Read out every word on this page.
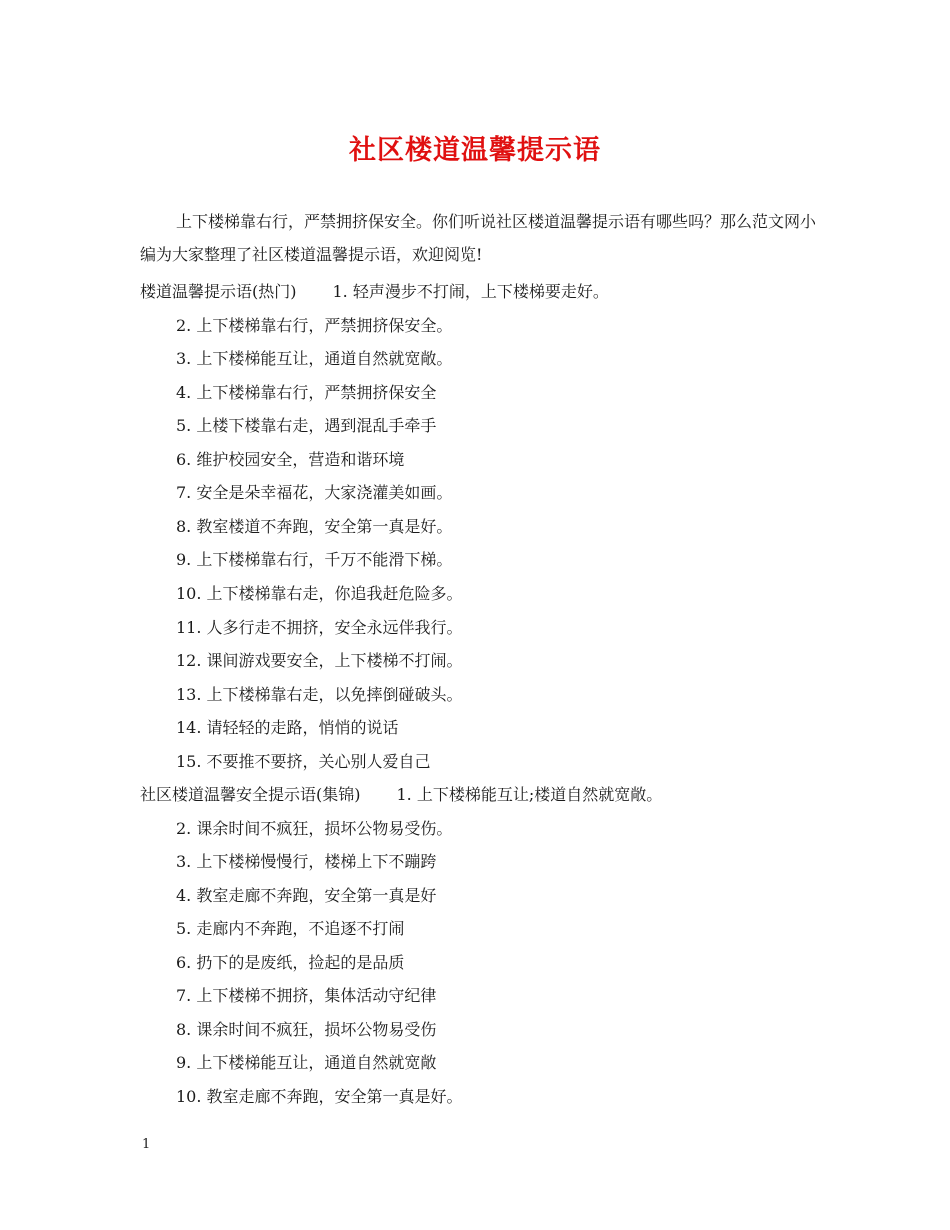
社区楼道温馨提示语
上下楼梯靠右行，严禁拥挤保安全。你们听说社区楼道温馨提示语有哪些吗？那么范文网小编为大家整理了社区楼道温馨提示语，欢迎阅览!
楼道温馨提示语(热门) 1. 轻声漫步不打闹，上下楼梯要走好。
2. 上下楼梯靠右行，严禁拥挤保安全。
3. 上下楼梯能互让，通道自然就宽敞。
4. 上下楼梯靠右行，严禁拥挤保安全
5. 上楼下楼靠右走，遇到混乱手牵手
6. 维护校园安全，营造和谐环境
7. 安全是朵幸福花，大家浇灌美如画。
8. 教室楼道不奔跑，安全第一真是好。
9. 上下楼梯靠右行，千万不能滑下梯。
10. 上下楼梯靠右走，你追我赶危险多。
11. 人多行走不拥挤，安全永远伴我行。
12. 课间游戏要安全，上下楼梯不打闹。
13. 上下楼梯靠右走，以免摔倒碰破头。
14. 请轻轻的走路，悄悄的说话
15. 不要推不要挤，关心别人爱自己
社区楼道温馨安全提示语(集锦) 1. 上下楼梯能互让;楼道自然就宽敞。
2. 课余时间不疯狂，损坏公物易受伤。
3. 上下楼梯慢慢行，楼梯上下不蹦跨
4. 教室走廊不奔跑，安全第一真是好
5. 走廊内不奔跑，不追逐不打闹
6. 扔下的是废纸，捡起的是品质
7. 上下楼梯不拥挤，集体活动守纪律
8. 课余时间不疯狂，损坏公物易受伤
9. 上下楼梯能互让，通道自然就宽敞
10. 教室走廊不奔跑，安全第一真是好。
1
